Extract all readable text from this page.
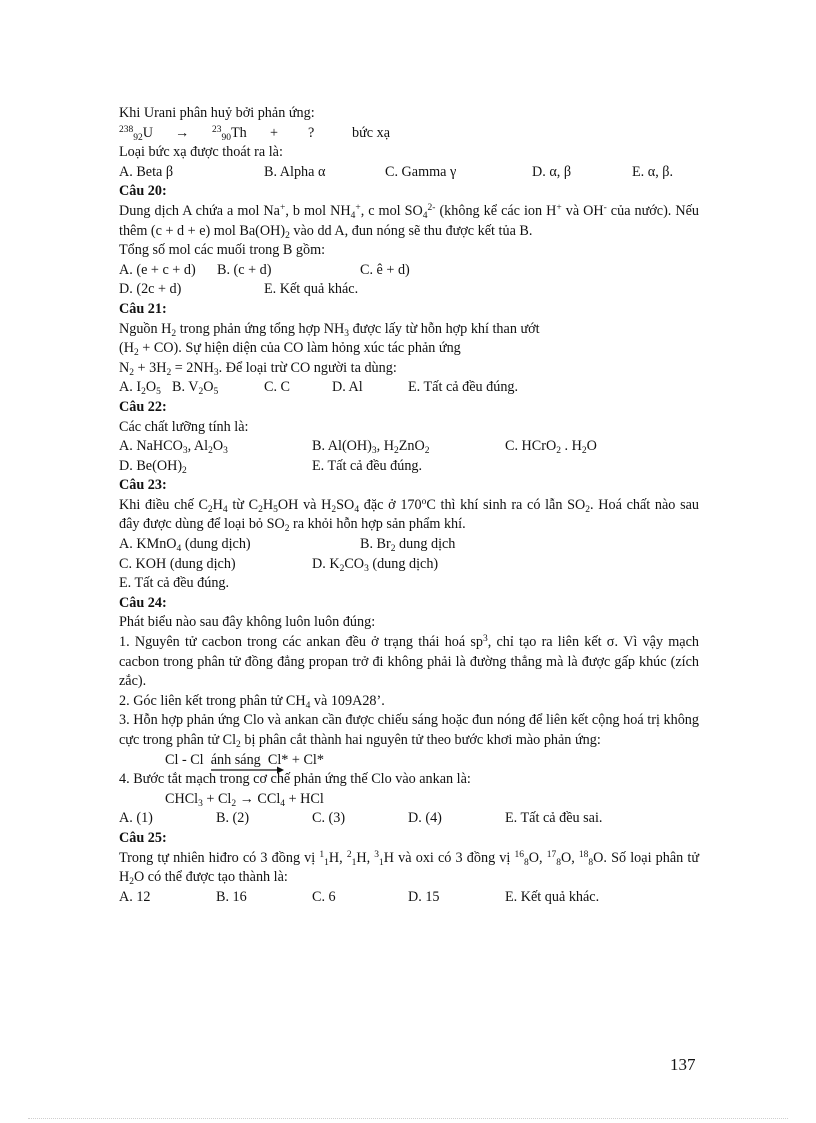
Khi Urani phân huỷ bởi phản ứng:
$^{238}_{92}$U → $^{23}_{90}$Th + ?	bức xạ
Loại bức xạ được thoát ra là:
A. Beta β	B. Alpha α	C. Gamma γ	D. α, β	E. α, β.
Câu 20:
Dung dịch A chứa a mol Na+, b mol $NH_4^+$, c mol $SO_4^{2-}$ (không kể các ion H+ và OH- của nước). Nếu thêm (c + d + e) mol $Ba(OH)_2$ vào dd A, đun nóng sẽ thu được kết tủa B.
Tổng số mol các muối trong B gồm:
A. (e + c + d) B. (c + d)	C. ê + d)
D. (2c + d)	E. Kết quả khác.
Câu 21:
Nguồn $H_2$ trong phản ứng tổng hợp $NH_3$ được lấy từ hỗn hợp khí than ướt
$(H_2 + CO)$. Sự hiện diện của CO làm hỏng xúc tác phản ứng
$N_2 + 3H_2 = 2NH_3$. Để loại trừ CO người ta dùng:
A. $I_2O_5$ B. $V_2O_5$	C. C	D. Al	E. Tất cả đều đúng.
Câu 22:
Các chất lưỡng tính là:
A. NaHCO$_3$, $Al_2O_3$	B. $Al(OH)_3$, $H_2ZnO_2$	C. HCrO$_2$ . $H_2O$
D. $Be(OH)_2$	E. Tất cả đều đúng.
Câu 23:
Khi điều chế $C_2H_4$ từ $C_2H_5OH$ và $H_2SO_4$ đặc ở 170$^o$C thì khí sinh ra có lẫn $SO_2$. Hoá chất nào sau đây được dùng để loại bỏ $SO_2$ ra khỏi hỗn hợp sản phẩm khí.
A. KMnO$_4$ (dung dịch)	B. $Br_2$ dung dịch
C. KOH (dung dịch)	D. $K_2CO_3$ (dung dịch)
E. Tất cả đều đúng.
Câu 24:
Phát biểu nào sau đây không luôn luôn đúng:
1. Nguyên tử cacbon trong các ankan đều ở trạng thái hoá $sp^3$, chỉ tạo ra liên kết σ. Vì vậy mạch cacbon trong phân tử đồng đẳng propan trở đi không phải là đường thẳng mà là được gấp khúc (zích zắc).
2. Góc liên kết trong phân tử $CH_4$ và 109A28’.
3. Hỗn hợp phản ứng Clo và ankan cần được chiếu sáng hoặc đun nóng để liên kết cộng hoá trị không cực trong phân tử $Cl_2$ bị phân cắt thành hai nguyên tử theo bước khơi mào phản ứng:
Cl - Cl ánh sáng Cl* + Cl*
4. Bước tắt mạch trong cơ chế phản ứng thế Clo vào ankan là:
CHCl$_3$ + $Cl_2 \to CCl_4$ + HCl
A. (1)	B. (2)	C. (3)	D. (4)	E. Tất cả đều sai.
Câu 25:
Trong tự nhiên hiđro có 3 đồng vị $^1_1$H, $^2_1$H, $^3_1$H và oxi có 3 đồng vị $^{16}_8$O, $^{17}_8$O, $^{18}_8$O. Số loại phân tử $H_2O$ có thể được tạo thành là:
A. 12	B. 16	C. 6	D. 15	E. Kết quả khác.
137
